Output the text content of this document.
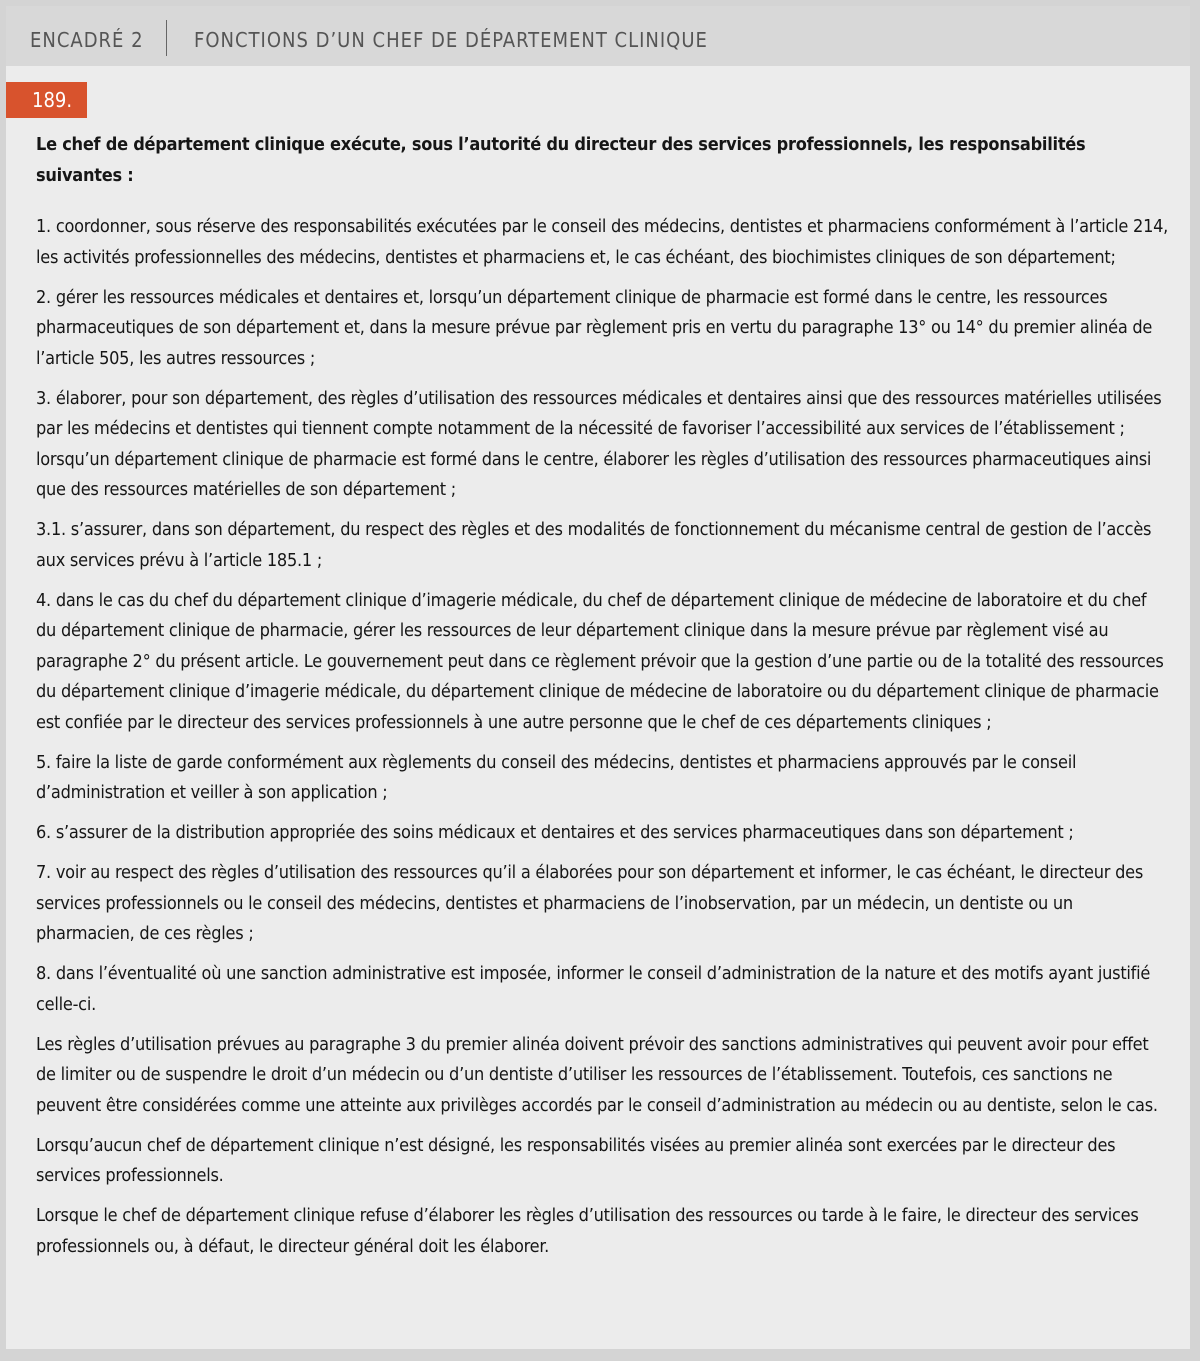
ENCADRÉ 2	FONCTIONS D’UN CHEF DE DÉPARTEMENT CLINIQUE
189.

Le chef de département clinique exécute, sous l’autorité du directeur des services professionnels, les responsabilités suivantes :

1. coordonner, sous réserve des responsabilités exécutées par le conseil des médecins, dentistes et pharmaciens conformément à l’article 214, les activités professionnelles des médecins, dentistes et pharmaciens et, le cas échéant, des biochimistes cliniques de son département;

2. gérer les ressources médicales et dentaires et, lorsqu’un département clinique de pharmacie est formé dans le centre, les ressources pharmaceutiques de son département et, dans la mesure prévue par règlement pris en vertu du paragraphe 13° ou 14° du premier alinéa de l’article 505, les autres ressources ;

3. élaborer, pour son département, des règles d’utilisation des ressources médicales et dentaires ainsi que des ressources matérielles utilisées par les médecins et dentistes qui tiennent compte notamment de la nécessité de favoriser l’accessibilité aux services de l’établissement ; lorsqu’un département clinique de pharmacie est formé dans le centre, élaborer les règles d’utilisation des ressources pharmaceutiques ainsi que des ressources matérielles de son département ;

3.1. s’assurer, dans son département, du respect des règles et des modalités de fonctionnement du mécanisme central de gestion de l’accès aux services prévu à l’article 185.1 ;

4. dans le cas du chef du département clinique d’imagerie médicale, du chef de département clinique de médecine de laboratoire et du chef du département clinique de pharmacie, gérer les ressources de leur département clinique dans la mesure prévue par règlement visé au paragraphe 2° du présent article. Le gouvernement peut dans ce règlement prévoir que la gestion d’une partie ou de la totalité des ressources du département clinique d’imagerie médicale, du département clinique de médecine de laboratoire ou du département clinique de pharmacie est confiée par le directeur des services professionnels à une autre personne que le chef de ces départements cliniques ;

5. faire la liste de garde conformément aux règlements du conseil des médecins, dentistes et pharmaciens approuvés par le conseil d’administration et veiller à son application ;

6. s’assurer de la distribution appropriée des soins médicaux et dentaires et des services pharmaceutiques dans son département ;

7. voir au respect des règles d’utilisation des ressources qu’il a élaborées pour son département et informer, le cas échéant, le directeur des services professionnels ou le conseil des médecins, dentistes et pharmaciens de l’inobservation, par un médecin, un dentiste ou un pharmacien, de ces règles ;

8. dans l’éventualité où une sanction administrative est imposée, informer le conseil d’administration de la nature et des motifs ayant justifié celle-ci.

Les règles d’utilisation prévues au paragraphe 3 du premier alinéa doivent prévoir des sanctions administratives qui peuvent avoir pour effet de limiter ou de suspendre le droit d’un médecin ou d’un dentiste d’utiliser les ressources de l’établissement. Toutefois, ces sanctions ne peuvent être considérées comme une atteinte aux privilèges accordés par le conseil d’administration au médecin ou au dentiste, selon le cas.

Lorsqu’aucun chef de département clinique n’est désigné, les responsabilités visées au premier alinéa sont exercées par le directeur des services professionnels.

Lorsque le chef de département clinique refuse d’élaborer les règles d’utilisation des ressources ou tarde à le faire, le directeur des services professionnels ou, à défaut, le directeur général doit les élaborer.
